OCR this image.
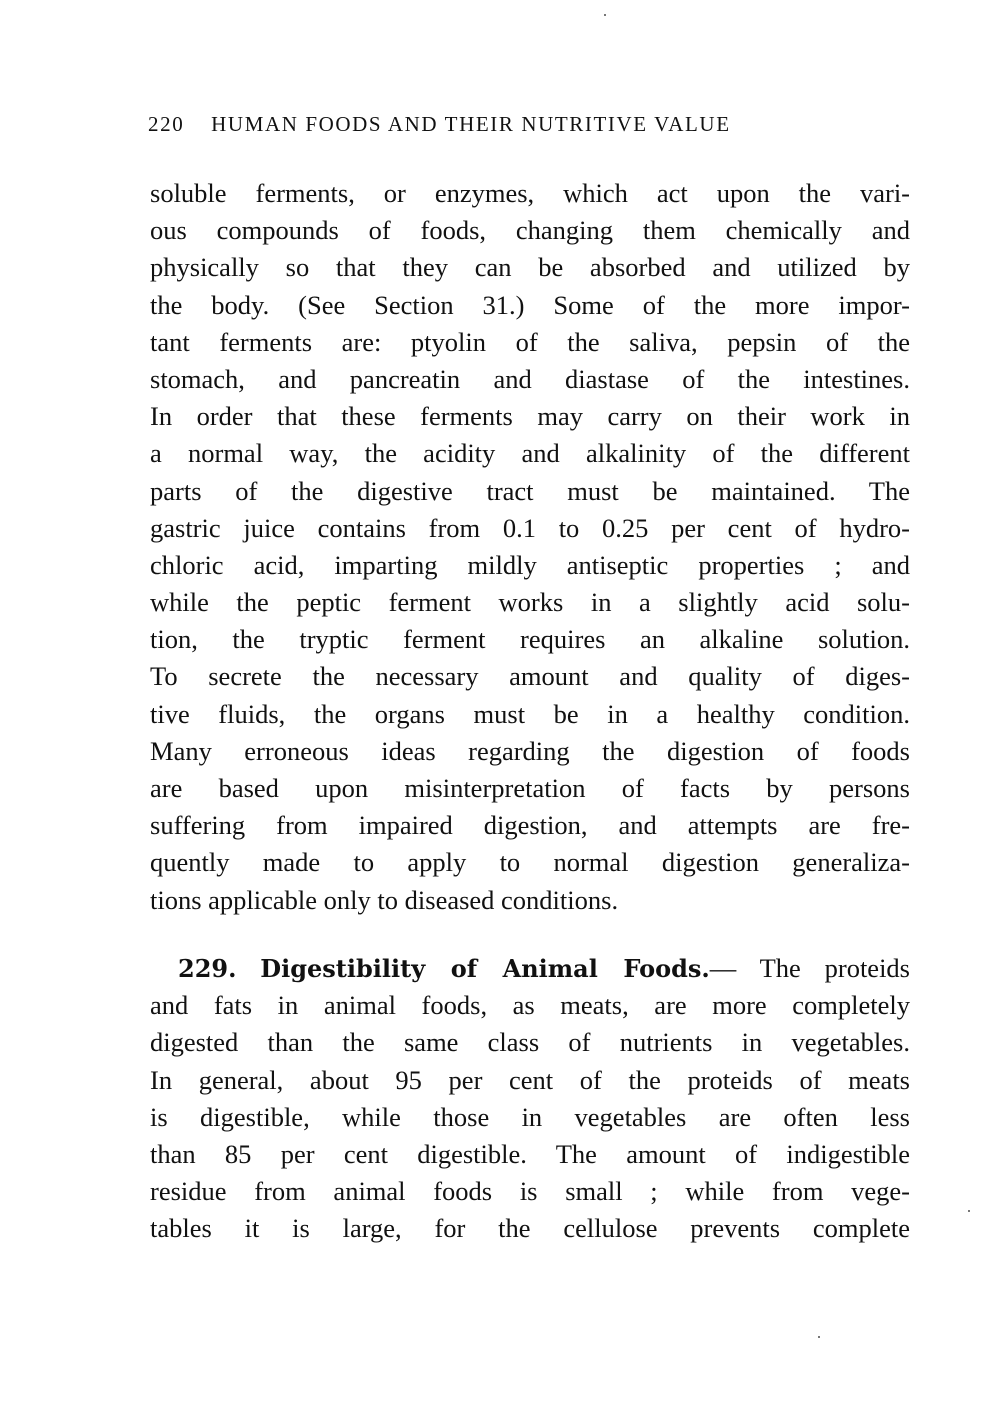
220 HUMAN FOODS AND THEIR NUTRITIVE VALUE
soluble ferments, or enzymes, which act upon the vari-
ous compounds of foods, changing them chemically and
physically so that they can be absorbed and utilized by
the body. (See Section 31.) Some of the more impor-
tant ferments are: ptyolin of the saliva, pepsin of the
stomach, and pancreatin and diastase of the intestines.
In order that these ferments may carry on their work in
a normal way, the acidity and alkalinity of the different
parts of the digestive tract must be maintained. The
gastric juice contains from 0.1 to 0.25 per cent of hydro-
chloric acid, imparting mildly antiseptic properties ; and
while the peptic ferment works in a slightly acid solu-
tion, the tryptic ferment requires an alkaline solution.
To secrete the necessary amount and quality of diges-
tive fluids, the organs must be in a healthy condition.
Many erroneous ideas regarding the digestion of foods
are based upon misinterpretation of facts by persons
suffering from impaired digestion, and attempts are fre-
quently made to apply to normal digestion generaliza-
tions applicable only to diseased conditions.
229. Digestibility of Animal Foods.— The proteids
and fats in animal foods, as meats, are more completely
digested than the same class of nutrients in vegetables.
In general, about 95 per cent of the proteids of meats
is digestible, while those in vegetables are often less
than 85 per cent digestible. The amount of indigestible
residue from animal foods is small ; while from vege-
tables it is large, for the cellulose prevents complete
